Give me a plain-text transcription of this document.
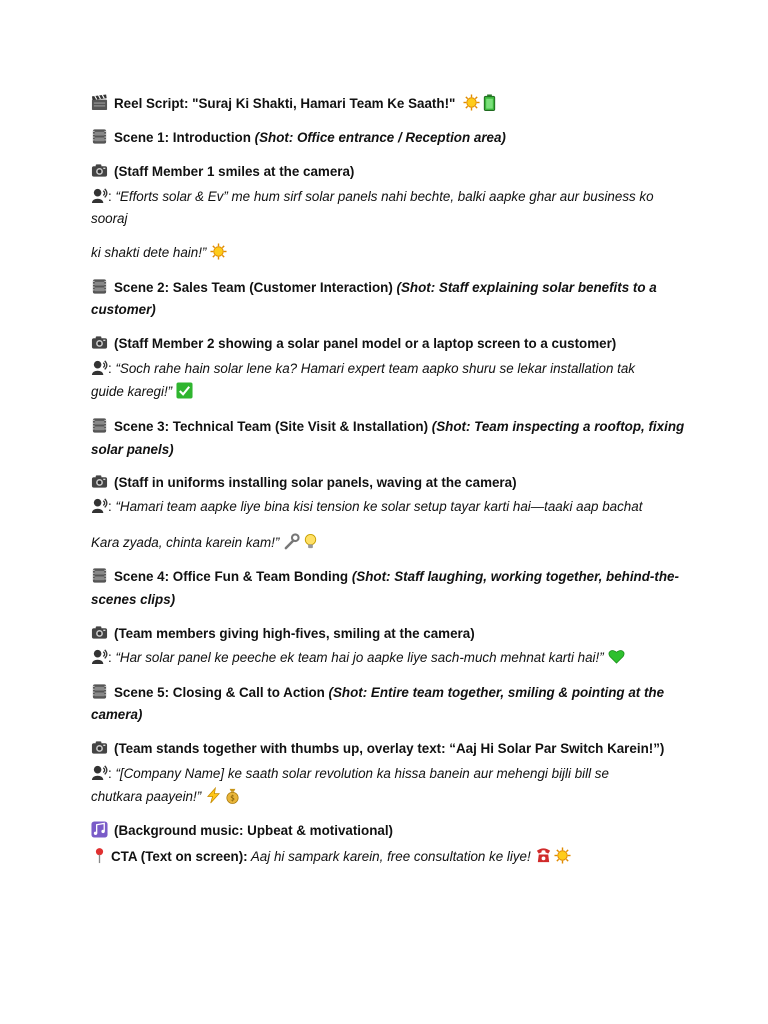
Reel Script: "Suraj Ki Shakti, Hamari Team Ke Saath!"
Scene 1: Introduction (Shot: Office entrance / Reception area)
(Staff Member 1 smiles at the camera)
: “Efforts solar & Ev” me hum sirf solar panels nahi bechte, balki aapke ghar aur business ko
sooraj
ki shakti dete hain!”
Scene 2: Sales Team (Customer Interaction) (Shot: Staff explaining solar benefits to a
customer)
(Staff Member 2 showing a solar panel model or a laptop screen to a customer)
: “Soch rahe hain solar lene ka? Hamari expert team aapko shuru se lekar installation tak
guide karegi!”
Scene 3: Technical Team (Site Visit & Installation) (Shot: Team inspecting a rooftop, fixing
solar panels)
(Staff in uniforms installing solar panels, waving at the camera)
: “Hamari team aapke liye bina kisi tension ke solar setup tayar karti hai—taaki aap bachat
Kara zyada, chinta karein kam!”
Scene 4: Office Fun & Team Bonding (Shot: Staff laughing, working together, behind-the-
scenes clips)
(Team members giving high-fives, smiling at the camera)
: “Har solar panel ke peeche ek team hai jo aapke liye sach-much mehnat karti hai!”
Scene 5: Closing & Call to Action (Shot: Entire team together, smiling & pointing at the
camera)
(Team stands together with thumbs up, overlay text: “Aaj Hi Solar Par Switch Karein!”)
: “[Company Name] ke saath solar revolution ka hissa banein aur mehengi bijli bill se
chutkara paayein!”	$
(Background music: Upbeat & motivational)
CTA (Text on screen): Aaj hi sampark karein, free consultation ke liye!
